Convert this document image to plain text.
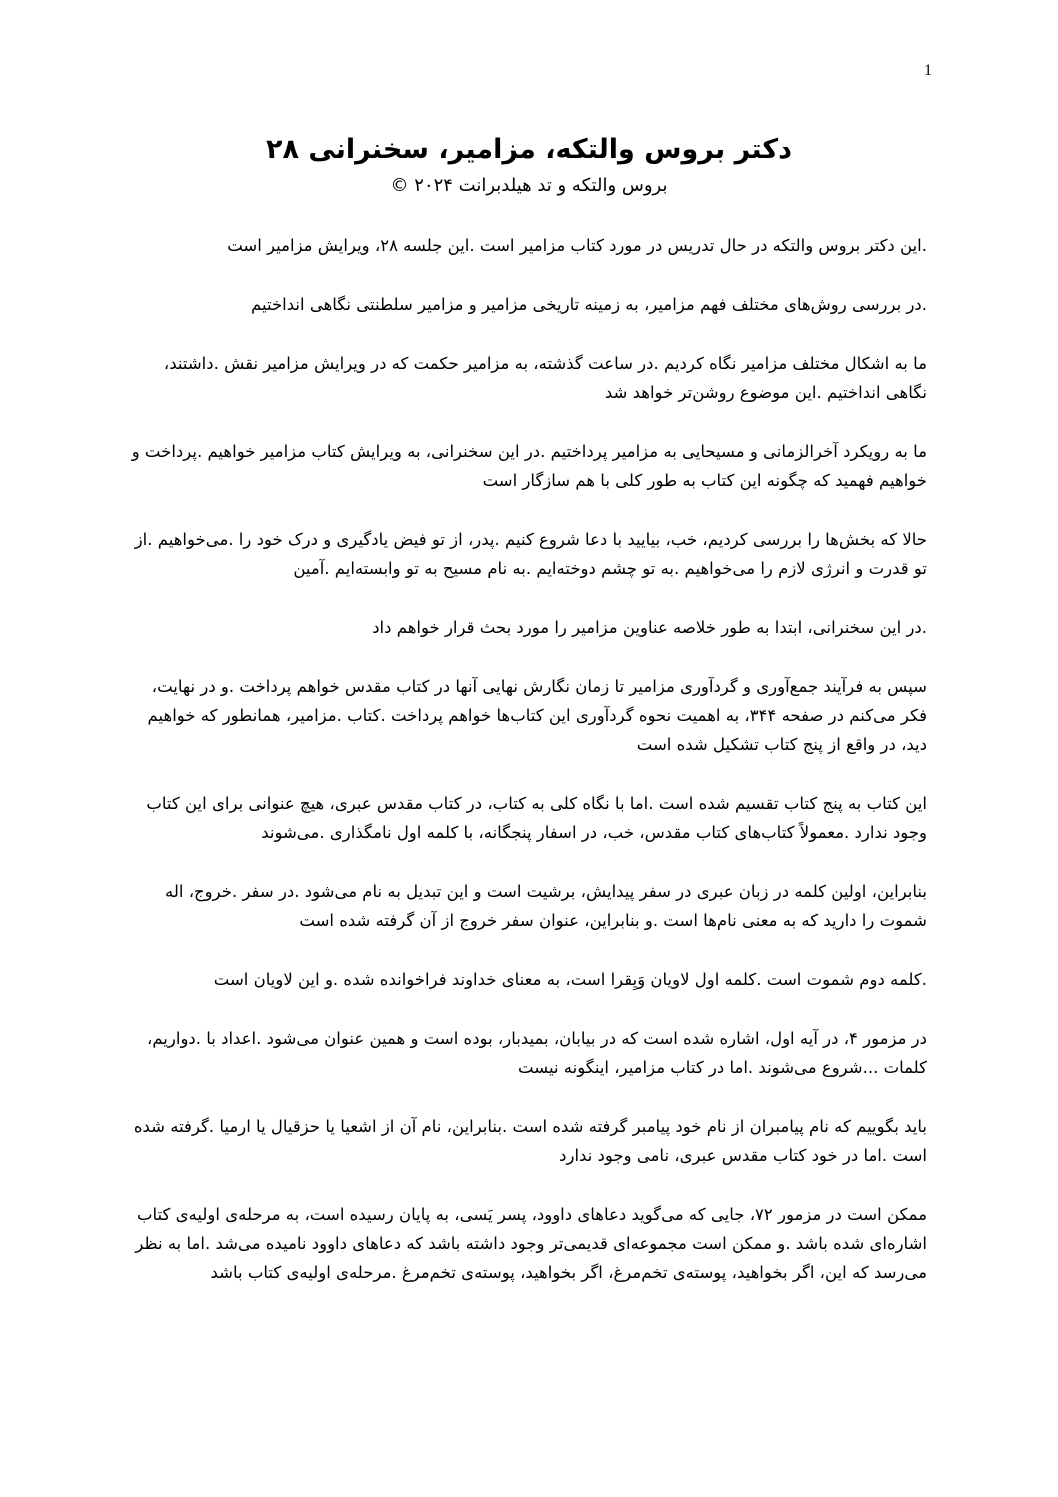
1
دکتر بروس والتکه، مزامیر، سخنرانی ۲۸
بروس والتکه و تد هیلدبرانت ۲۰۲۴ ©

.این دکتر بروس والتکه در حال تدریس در مورد کتاب مزامیر است .این جلسه ۲۸، ویرایش مزامیر است

.در بررسی روش‌های مختلف فهم مزامیر، به زمینه تاریخی مزامیر و مزامیر سلطنتی نگاهی انداختیم

ما به اشکال مختلف مزامیر نگاه کردیم .در ساعت گذشته، به مزامیر حکمت که در ویرایش مزامیر نقش .داشتند، نگاهی انداختیم .این موضوع روشن‌تر خواهد شد

ما به رویکرد آخرالزمانی و مسیحایی به مزامیر پرداختیم .در این سخنرانی، به ویرایش کتاب مزامیر خواهیم .پرداخت و خواهیم فهمید که چگونه این کتاب به طور کلی با هم سازگار است

حالا که بخش‌ها را بررسی کردیم، خب، بیایید با دعا شروع کنیم .پدر، از تو فیض یادگیری و درک خود را .می‌خواهیم .از تو قدرت و انرژی لازم را می‌خواهیم .به تو چشم دوخته‌ایم .به نام مسیح به تو وابسته‌ایم .آمین

.در این سخنرانی، ابتدا به طور خلاصه عناوین مزامیر را مورد بحث قرار خواهم داد

سپس به فرآیند جمع‌آوری و گردآوری مزامیر تا زمان نگارش نهایی آنها در کتاب مقدس خواهم پرداخت .و در نهایت، فکر می‌کنم در صفحه ۳۴۴، به اهمیت نحوه گردآوری این کتاب‌ها خواهم پرداخت .کتاب .مزامیر، همانطور که خواهیم دید، در واقع از پنج کتاب تشکیل شده است

این کتاب به پنج کتاب تقسیم شده است .اما با نگاه کلی به کتاب، در کتاب مقدس عبری، هیچ عنوانی برای این کتاب وجود ندارد .معمولاً کتاب‌های کتاب مقدس، خب، در اسفار پنجگانه، با کلمه اول نامگذاری .می‌شوند

بنابراین، اولین کلمه در زبان عبری در سفر پیدایش، برشیت است و این تبدیل به نام می‌شود .در سفر .خروج، اله شموت را دارید که به معنی نام‌ها است .و بنابراین، عنوان سفر خروج از آن گرفته شده است

.کلمه دوم شموت است .کلمه اول لاویان وَیِقرا است، به معنای خداوند فراخوانده شده .و این لاویان است

در مزمور ۴، در آیه اول، اشاره شده است که در بیابان، بمیدبار، بوده است و همین عنوان می‌شود .اعداد با .دواریم، کلمات ...شروع می‌شوند .اما در کتاب مزامیر، اینگونه نیست

باید بگوییم که نام پیامبران از نام خود پیامبر گرفته شده است .بنابراین، نام آن از اشعیا یا حزقیال یا ارمیا .گرفته شده است .اما در خود کتاب مقدس عبری، نامی وجود ندارد

ممکن است در مزمور ۷۲، جایی که می‌گوید دعاهای داوود، پسر یَسی، به پایان رسیده است، به مرحله‌ی اولیه‌ی کتاب اشاره‌ای شده باشد .و ممکن است مجموعه‌ای قدیمی‌تر وجود داشته باشد که دعاهای داوود نامیده می‌شد .اما به نظر می‌رسد که این، اگر بخواهید، پوسته‌ی تخم‌مرغ، اگر بخواهید، پوسته‌ی تخم‌مرغ .مرحله‌ی اولیه‌ی کتاب باشد
